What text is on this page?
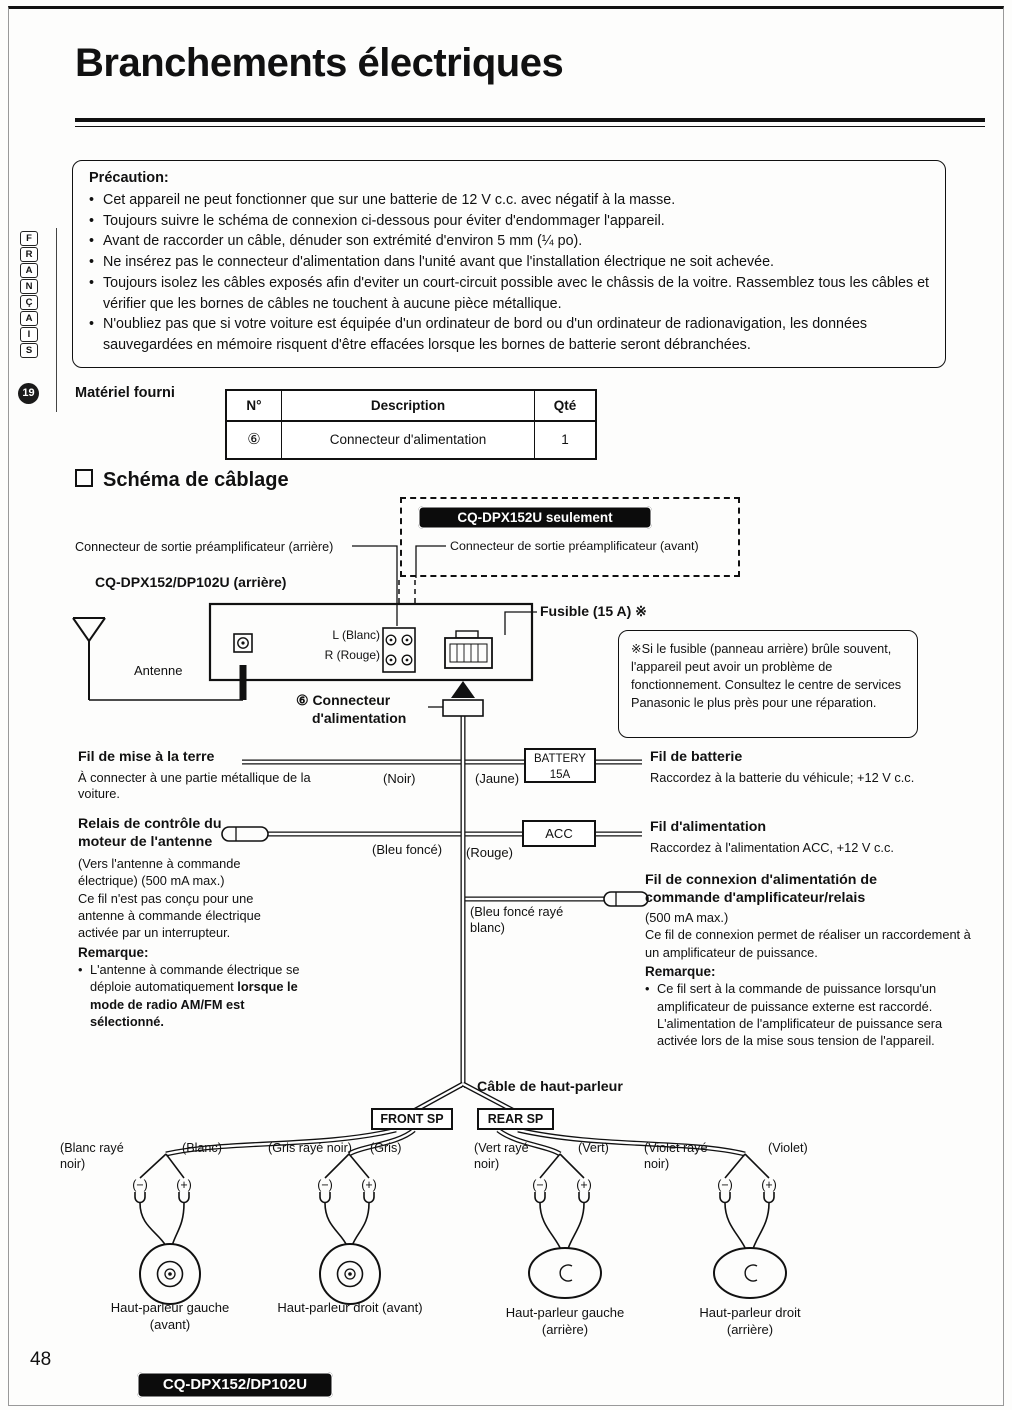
Branchements électriques
F
R
A
N
Ç
A
I
S
19
Précaution:
• Cet appareil ne peut fonctionner que sur une batterie de 12 V c.c. avec négatif à la masse.
• Toujours suivre le schéma de connexion ci-dessous pour éviter d'endommager l'appareil.
• Avant de raccorder un câble, dénuder son extrémité d'environ 5 mm (¼ po).
• Ne insérez pas le connecteur d'alimentation dans l'unité avant que l'installation électrique ne soit achevée.
• Toujours isolez les câbles exposés afin d'eviter un court-circuit possible avec le châssis de la voitre. Rassemblez tous les câbles et vérifier que les bornes de câbles ne touchent à aucune pièce métallique.
• N'oubliez pas que si votre voiture est équipée d'un ordinateur de bord ou d'un ordinateur de radionavigation, les données sauvegardées en mémoire risquent d'être effacées lorsque les bornes de batterie seront débranchées.
Matériel fourni
N°	Description	Qté
⑥	Connecteur d'alimentation	1
Schéma de câblage
CQ-DPX152U seulement
Connecteur de sortie préamplificateur (arrière)	Connecteur de sortie préamplificateur (avant)
CQ-DPX152/DP102U (arrière)
Fusible (15 A) ※
L (Blanc)
R (Rouge)
Antenne
⑥ Connecteur
d'alimentation
※Si le fusible (panneau arrière) brûle souvent, l'appareil peut avoir un problème de fonctionnement. Consultez le centre de services Panasonic le plus près pour une réparation.
Fil de mise à la terre
À connecter à une partie métallique de la voiture.
(Noir)	(Jaune)
BATTERY
15A
Fil de batterie
Raccordez à la batterie du véhicule; +12 V c.c.
Relais de contrôle du moteur de l'antenne
(Vers l'antenne à commande électrique) (500 mA max.)
Ce fil n'est pas conçu pour une antenne à commande électrique activée par un interrupteur.
Remarque:
• L'antenne à commande électrique se déploie automatiquement lorsque le mode de radio AM/FM est sélectionné.
(Bleu foncé) (Rouge)
ACC	Fil d'alimentation
Raccordez à l'alimentation ACC, +12 V c.c.
(Bleu foncé rayé blanc)
Fil de connexion d'alimentatión de commande d'amplificateur/relais
(500 mA max.)
Ce fil de connexion permet de réaliser un raccordement à un amplificateur de puissance.
Remarque:
• Ce fil sert à la commande de puissance lorsqu'un amplificateur de puissance externe est raccordé. L'alimentation de l'amplificateur de puissance sera activée lors de la mise sous tension de l'appareil.
Câble de haut-parleur
FRONT SP	REAR SP
(Blanc rayé noir)
(Blanc)	(Gris rayé noir) (Gris)	(Vert rayé noir)
(Vert)	(Violet rayé noir)
(Violet)
(−)	(+)	(−)	(+)	(−)	(+)	(−)	(+)
Haut-parleur gauche (avant)
Haut-parleur droit (avant)	Haut-parleur gauche (arrière)
Haut-parleur droit (arrière)
48
CQ-DPX152/DP102U
